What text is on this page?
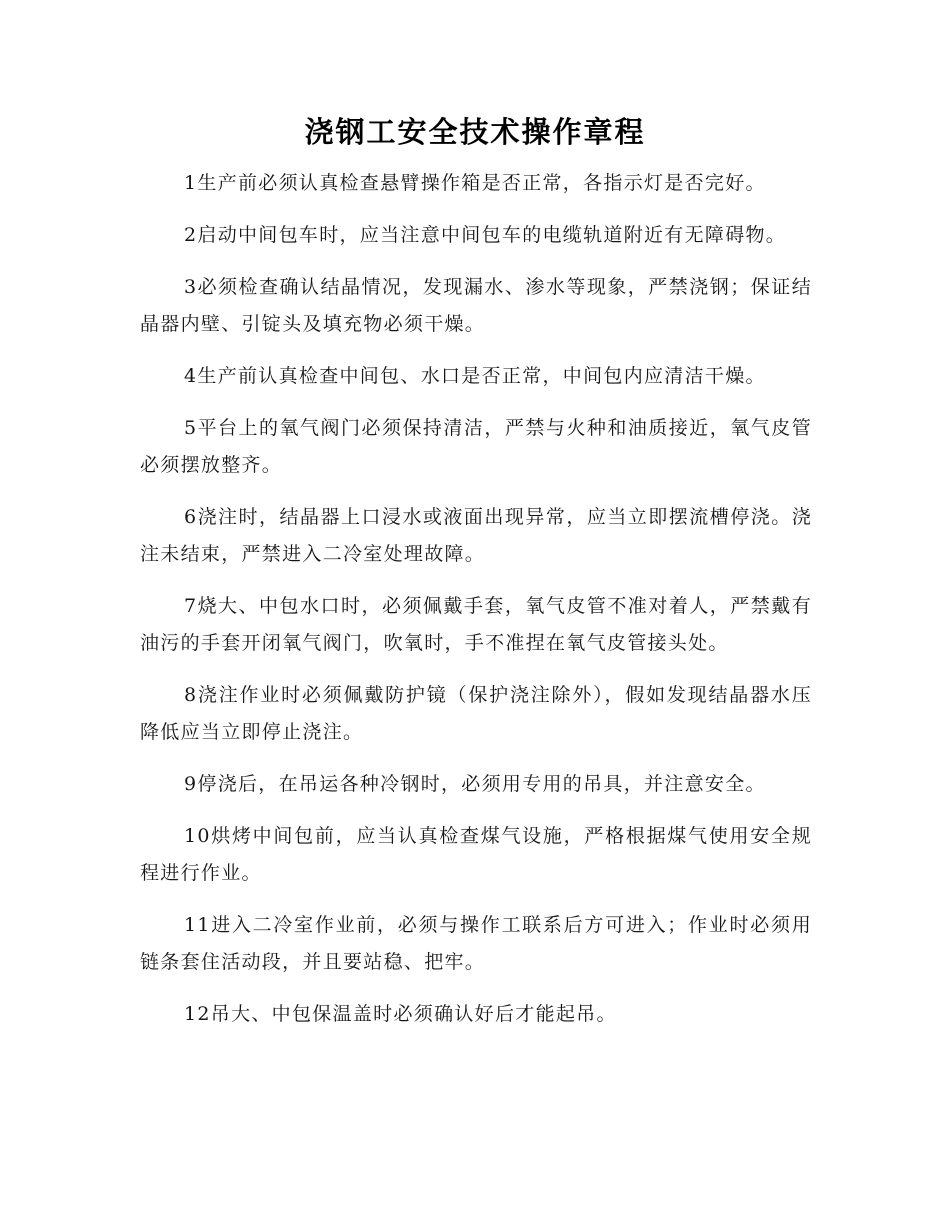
浇钢工安全技术操作章程

1生产前必须认真检查悬臂操作箱是否正常，各指示灯是否完好。

2启动中间包车时，应当注意中间包车的电缆轨道附近有无障碍物。

3必须检查确认结晶情况，发现漏水、渗水等现象，严禁浇钢；保证结晶器内壁、引锭头及填充物必须干燥。

4生产前认真检查中间包、水口是否正常，中间包内应清洁干燥。

5平台上的氧气阀门必须保持清洁，严禁与火种和油质接近，氧气皮管必须摆放整齐。

6浇注时，结晶器上口浸水或液面出现异常，应当立即摆流槽停浇。浇注未结束，严禁进入二冷室处理故障。

7烧大、中包水口时，必须佩戴手套，氧气皮管不准对着人，严禁戴有油污的手套开闭氧气阀门，吹氧时，手不准捏在氧气皮管接头处。

8浇注作业时必须佩戴防护镜（保护浇注除外），假如发现结晶器水压降低应当立即停止浇注。

9停浇后，在吊运各种冷钢时，必须用专用的吊具，并注意安全。

10烘烤中间包前，应当认真检查煤气设施，严格根据煤气使用安全规程进行作业。

11进入二冷室作业前，必须与操作工联系后方可进入；作业时必须用链条套住活动段，并且要站稳、把牢。

12吊大、中包保温盖时必须确认好后才能起吊。
